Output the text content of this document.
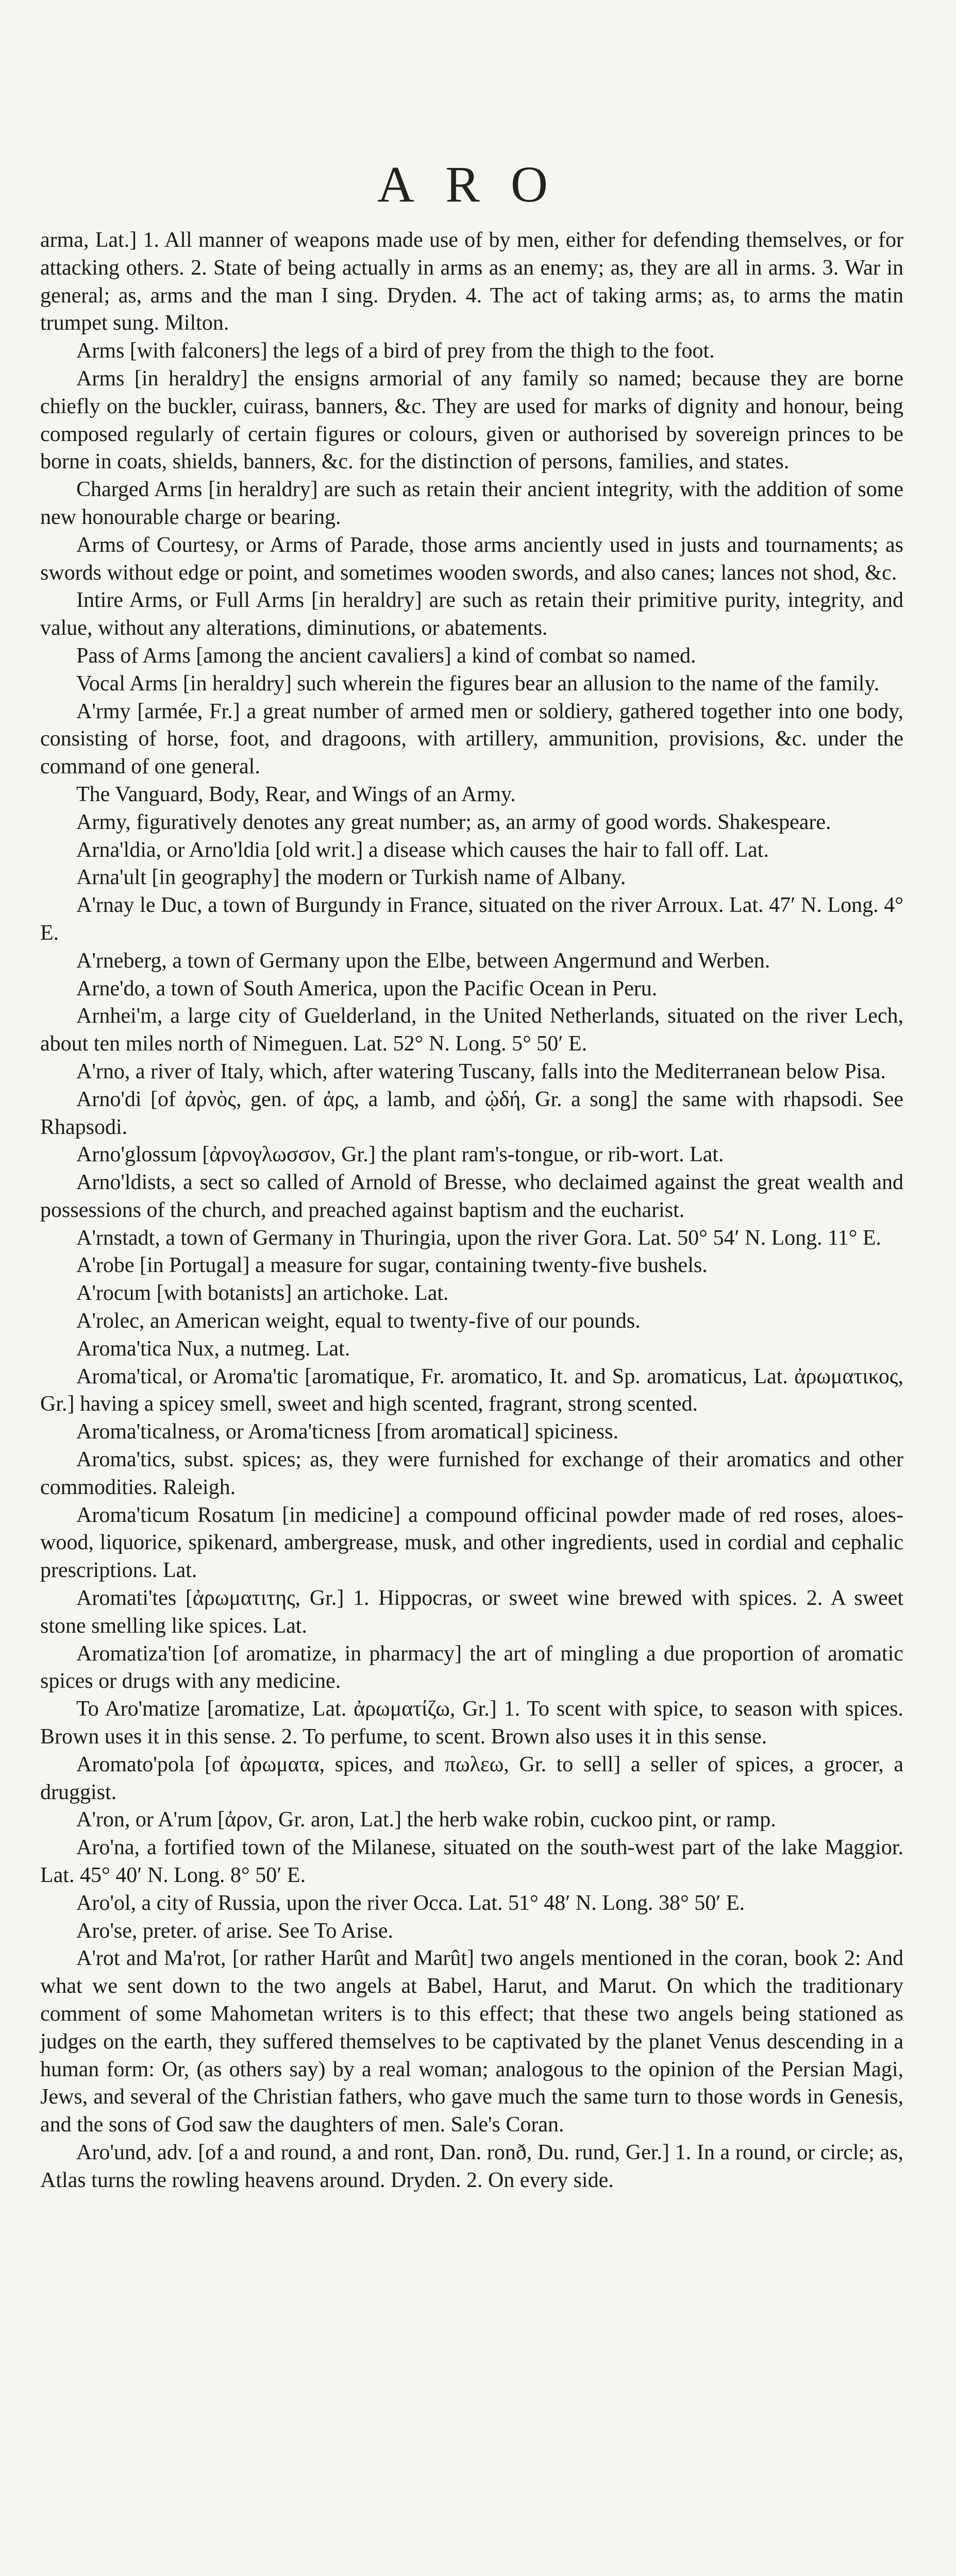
ARO

arma, Lat.] 1. All manner of weapons made use of by men, either for defending themselves, or for attacking others. 2. State of being actually in arms as an enemy; as, they are all in arms. 3. War in general; as, arms and the man I sing. Dryden. 4. The act of taking arms; as, to arms the matin trumpet sung. Milton.

Arms [with falconers] the legs of a bird of prey from the thigh to the foot.

Arms [in heraldry] the ensigns armorial of any family so named; because they are borne chiefly on the buckler, cuirass, banners, &c. They are used for marks of dignity and honour, being composed regularly of certain figures or colours, given or authorised by sovereign princes to be borne in coats, shields, banners, &c. for the distinction of persons, families, and states.

Charged Arms [in heraldry] are such as retain their ancient integrity, with the addition of some new honourable charge or bearing.

Arms of Courtesy, or Arms of Parade, those arms anciently used in justs and tournaments; as swords without edge or point, and sometimes wooden swords, and also canes; lances not shod, &c.

Intire Arms, or Full Arms [in heraldry] are such as retain their primitive purity, integrity, and value, without any alterations, diminutions, or abatements.

Pass of Arms [among the ancient cavaliers] a kind of combat so named.

Vocal Arms [in heraldry] such wherein the figures bear an allusion to the name of the family.

A'rmy [armée, Fr.] a great number of armed men or soldiery, gathered together into one body, consisting of horse, foot, and dragoons, with artillery, ammunition, provisions, &c. under the command of one general.

The Vanguard, Body, Rear, and Wings of an Army.

Army, figuratively denotes any great number; as, an army of good words. Shakespeare.

Arna'ldia, or Arno'ldia [old writ.] a disease which causes the hair to fall off. Lat.

Arna'ult [in geography] the modern or Turkish name of Albany.

A'rnay le Duc, a town of Burgundy in France, situated on the river Arroux. Lat. 47′ N. Long. 4° E.

A'rneberg, a town of Germany upon the Elbe, between Angermund and Werben.

Arne'do, a town of South America, upon the Pacific Ocean in Peru.

Arnhei'm, a large city of Guelderland, in the United Netherlands, situated on the river Lech, about ten miles north of Nimeguen. Lat. 52° N. Long. 5° 50′ E.

A'rno, a river of Italy, which, after watering Tuscany, falls into the Mediterranean below Pisa.

Arno'di [of ἀρνὸς, gen. of ἀρς, a lamb, and ᾠδή, Gr. a song] the same with rhapsodi. See Rhapsodi.

Arno'glossum [ἀρνογλωσσον, Gr.] the plant ram's-tongue, or rib-wort. Lat.

Arno'ldists, a sect so called of Arnold of Bresse, who declaimed against the great wealth and possessions of the church, and preached against baptism and the eucharist.

A'rnstadt, a town of Germany in Thuringia, upon the river Gora. Lat. 50° 54′ N. Long. 11° E.

A'robe [in Portugal] a measure for sugar, containing twenty-five bushels.

A'rocum [with botanists] an artichoke. Lat.

A'rolec, an American weight, equal to twenty-five of our pounds.

Aroma'tica Nux, a nutmeg. Lat.

Aroma'tical, or Aroma'tic [aromatique, Fr. aromatico, It. and Sp. aromaticus, Lat. ἀρωματικος, Gr.] having a spicey smell, sweet and high scented, fragrant, strong scented.

Aroma'ticalness, or Aroma'ticness [from aromatical] spiciness.

Aroma'tics, subst. spices; as, they were furnished for exchange of their aromatics and other commodities. Raleigh.

Aroma'ticum Rosatum [in medicine] a compound officinal powder made of red roses, aloes-wood, liquorice, spikenard, ambergrease, musk, and other ingredients, used in cordial and cephalic prescriptions. Lat.

Aromati'tes [ἀρωματιτης, Gr.] 1. Hippocras, or sweet wine brewed with spices. 2. A sweet stone smelling like spices. Lat.

Aromatiza'tion [of aromatize, in pharmacy] the art of mingling a due proportion of aromatic spices or drugs with any medicine.

To Aro'matize [aromatize, Lat. ἀρωματίζω, Gr.] 1. To scent with spice, to season with spices. Brown uses it in this sense. 2. To perfume, to scent. Brown also uses it in this sense.

Aromato'pola [of ἀρωματα, spices, and πωλεω, Gr. to sell] a seller of spices, a grocer, a druggist.

A'ron, or A'rum [ἀρον, Gr. aron, Lat.] the herb wake robin, cuckoo pint, or ramp.

Aro'na, a fortified town of the Milanese, situated on the south-west part of the lake Maggior. Lat. 45° 40′ N. Long. 8° 50′ E.

Aro'ol, a city of Russia, upon the river Occa. Lat. 51° 48′ N. Long. 38° 50′ E.

Aro'se, preter. of arise. See To Arise.

A'rot and Ma'rot, [or rather Harût and Marût] two angels mentioned in the coran, book 2: And what we sent down to the two angels at Babel, Harut, and Marut. On which the traditionary comment of some Mahometan writers is to this effect; that these two angels being stationed as judges on the earth, they suffered themselves to be captivated by the planet Venus descending in a human form: Or, (as others say) by a real woman; analogous to the opinion of the Persian Magi, Jews, and several of the Christian fathers, who gave much the same turn to those words in Genesis, and the sons of God saw the daughters of men. Sale's Coran.

Aro'und, adv. [of a and round, a and ront, Dan. ronð, Du. rund, Ger.] 1. In a round, or circle; as, Atlas turns the rowling heavens around. Dryden. 2. On every side.
